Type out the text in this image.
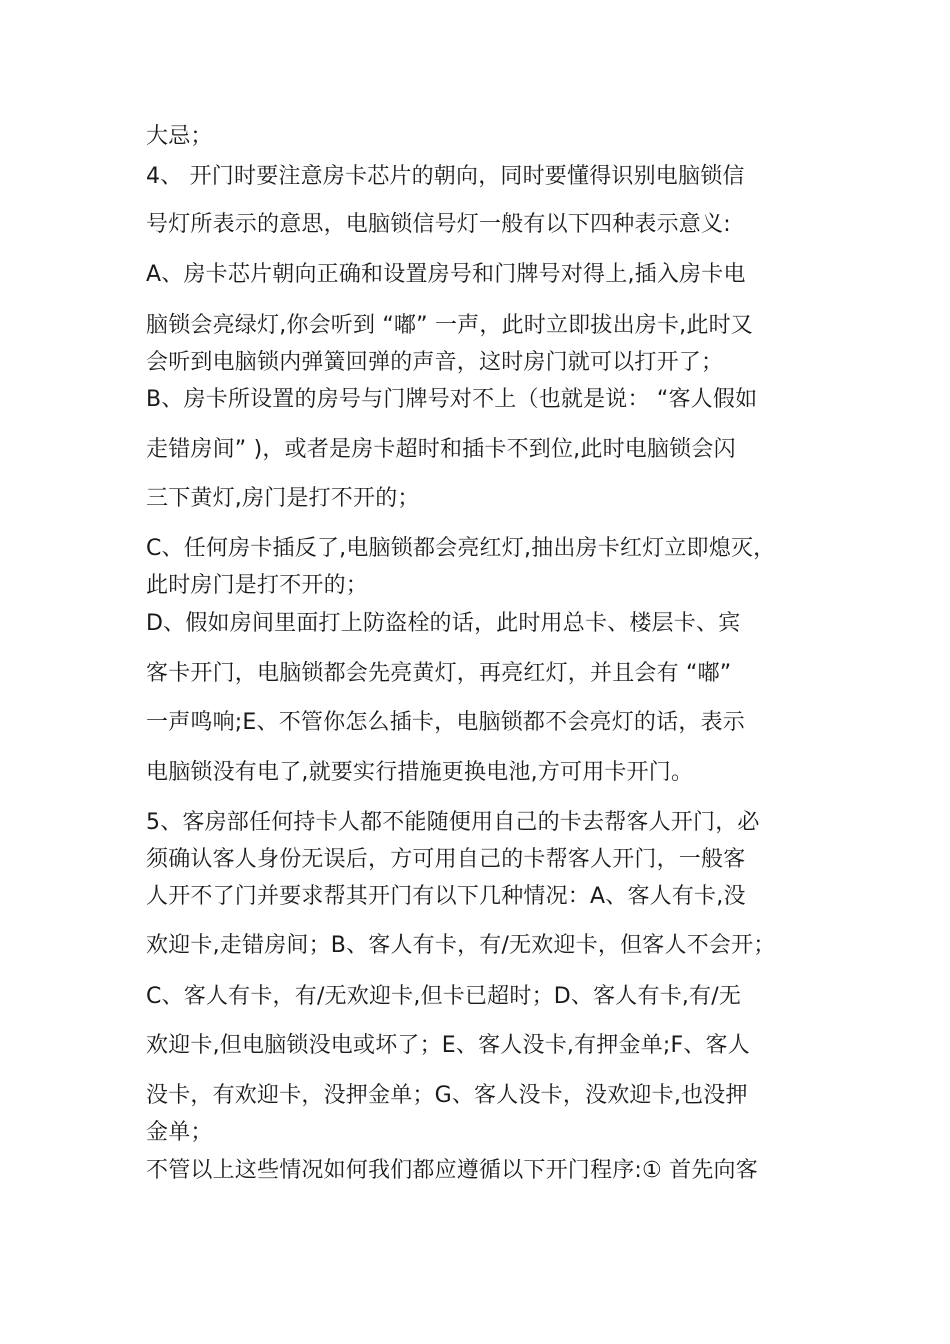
大忌；
4、 开门时要注意房卡芯片的朝向，同时要懂得识别电脑锁信
号灯所表示的意思，电脑锁信号灯一般有以下四种表示意义:
A、房卡芯片朝向正确和设置房号和门牌号对得上,插入房卡电
脑锁会亮绿灯,你会听到 “嘟” 一声，此时立即拔出房卡,此时又
会听到电脑锁内弹簧回弹的声音，这时房门就可以打开了；
B、房卡所设置的房号与门牌号对不上（也就是说： “客人假如
走错房间” )，或者是房卡超时和插卡不到位,此时电脑锁会闪
三下黄灯,房门是打不开的；
C、任何房卡插反了,电脑锁都会亮红灯,抽出房卡红灯立即熄灭，
此时房门是打不开的；
D、假如房间里面打上防盗栓的话，此时用总卡、楼层卡、宾
客卡开门，电脑锁都会先亮黄灯，再亮红灯，并且会有 “嘟”
一声鸣响;E、不管你怎么插卡，电脑锁都不会亮灯的话，表示
电脑锁没有电了,就要实行措施更换电池,方可用卡开门。
5、客房部任何持卡人都不能随便用自己的卡去帮客人开门，必
须确认客人身份无误后，方可用自己的卡帮客人开门，一般客
人开不了门并要求帮其开门有以下几种情况：A、客人有卡,没
欢迎卡,走错房间；B、客人有卡，有/无欢迎卡，但客人不会开；
C、客人有卡，有/无欢迎卡,但卡已超时；D、客人有卡,有/无
欢迎卡,但电脑锁没电或坏了；E、客人没卡,有押金单;F、客人
没卡，有欢迎卡，没押金单；G、客人没卡，没欢迎卡,也没押
金单；
不管以上这些情况如何我们都应遵循以下开门程序:① 首先向客
